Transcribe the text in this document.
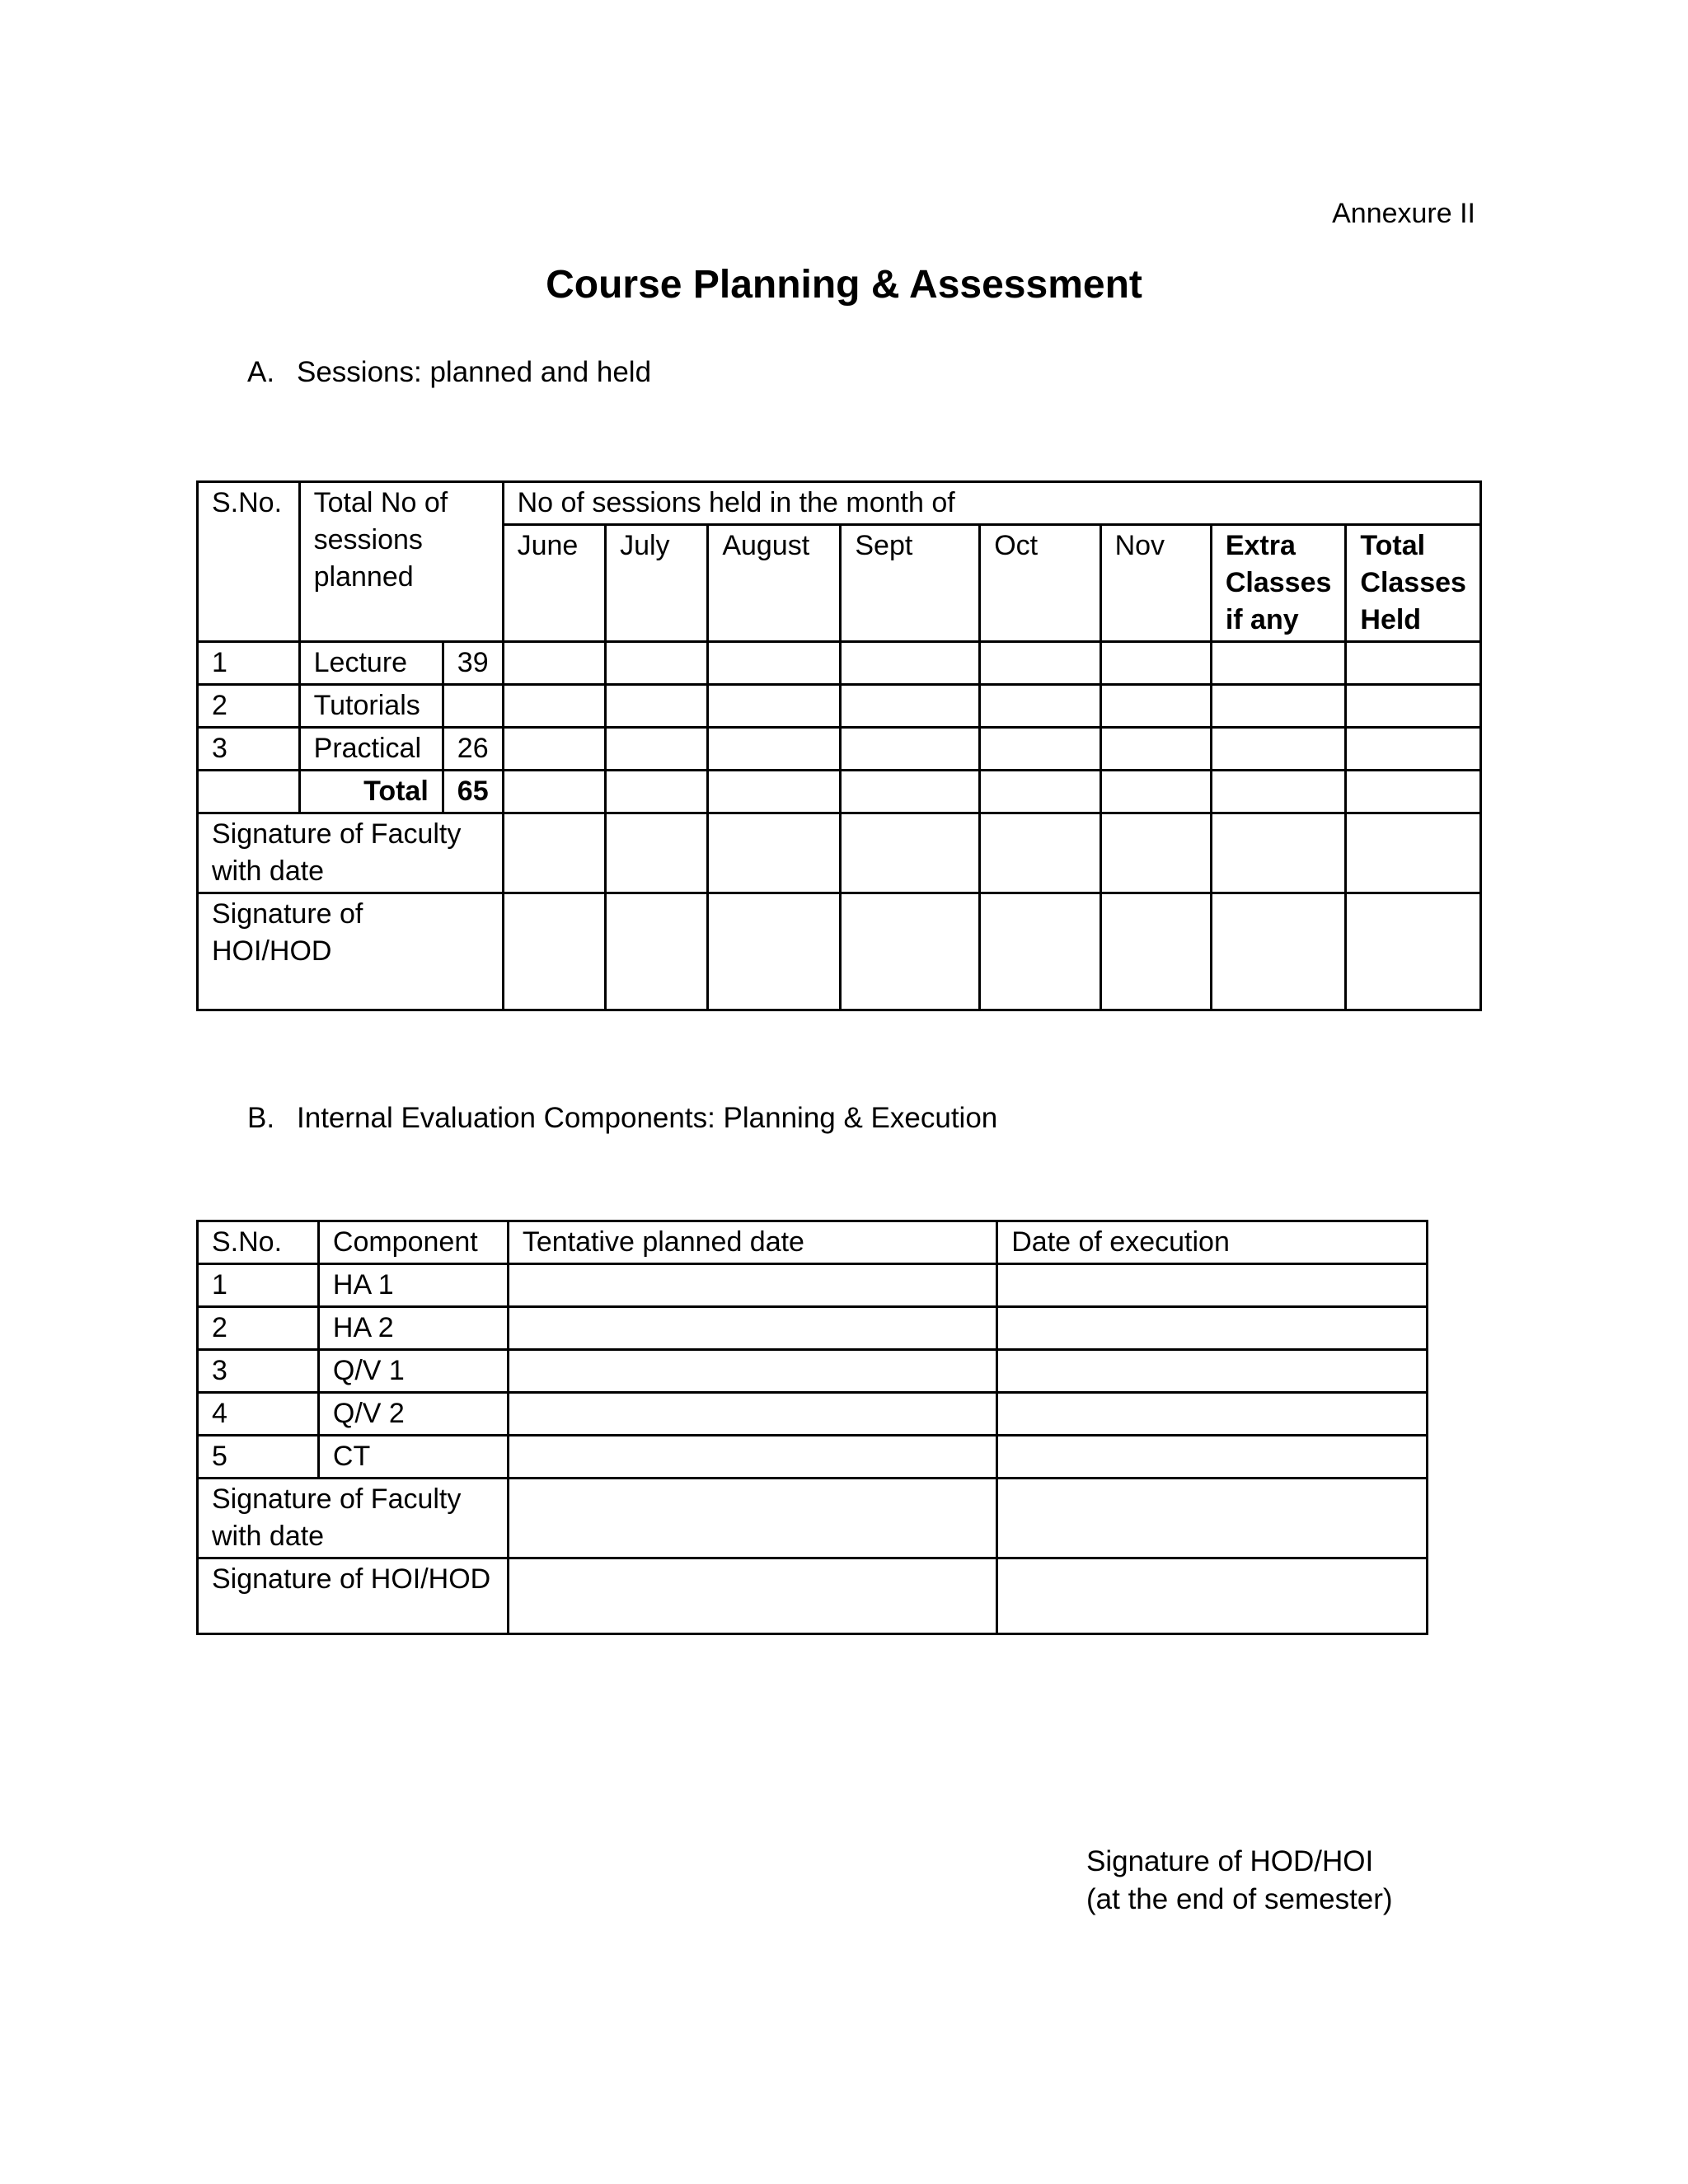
Annexure II
Course Planning & Assessment
A. Sessions: planned and held
S.No.	Total No of sessions planned		No of sessions held in the month of							
			June	July	August	Sept	Oct	Nov	Extra Classes if any	Total Classes Held
1	Lecture	39								
2	Tutorials									
3	Practical	26								
	Total	65								
Signature of Faculty with date										
Signature of HOI/HOD										
B. Internal Evaluation Components: Planning & Execution
S.No.	Component	Tentative planned date	Date of execution
1	HA 1		
2	HA 2		
3	Q/V 1		
4	Q/V 2		
5	CT		
Signature of Faculty with date			
Signature of HOI/HOD			
Signature of HOD/HOI
(at the end of semester)
